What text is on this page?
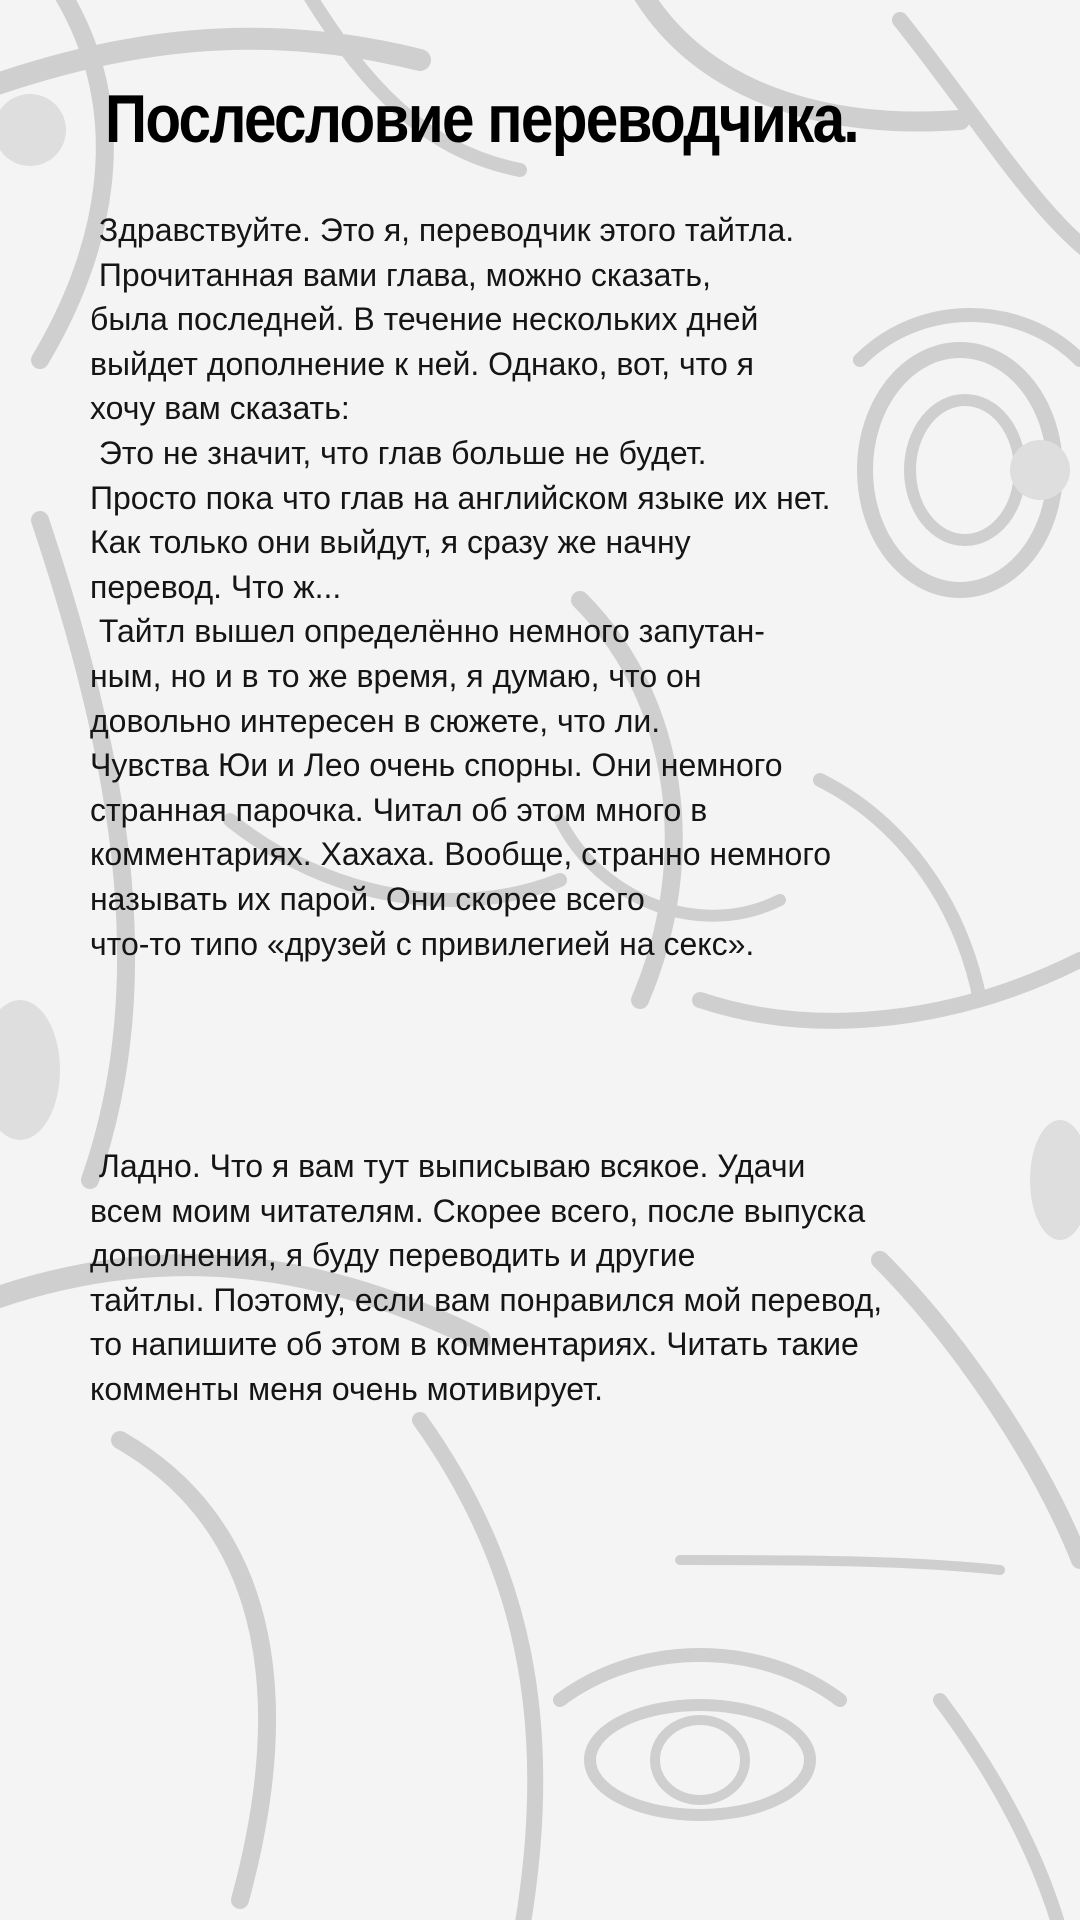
Послесловие переводчика.
Здравствуйте. Это я, переводчик этого тайтла.
Прочитанная вами глава, можно сказать,
была последней. В течение нескольких дней
выйдет дополнение к ней. Однако, вот, что я
хочу вам сказать:
Это не значит, что глав больше не будет.
Просто пока что глав на английском языке их нет.
Как только они выйдут, я сразу же начну
перевод. Что ж...
Тайтл вышел определённо немного запутан-
ным, но и в то же время, я думаю, что он
довольно интересен в сюжете, что ли.
Чувства Юи и Лео очень спорны. Они немного
странная парочка. Читал об этом много в
комментариях. Хахаха. Вообще, странно немного
называть их парой. Они скорее всего
что-то типо «друзей с привилегией на секс».
Ладно. Что я вам тут выписываю всякое. Удачи
всем моим читателям. Скорее всего, после выпуска
дополнения, я буду переводить и другие
тайтлы. Поэтому, если вам понравился мой перевод,
то напишите об этом в комментариях. Читать такие
комменты меня очень мотивирует.
